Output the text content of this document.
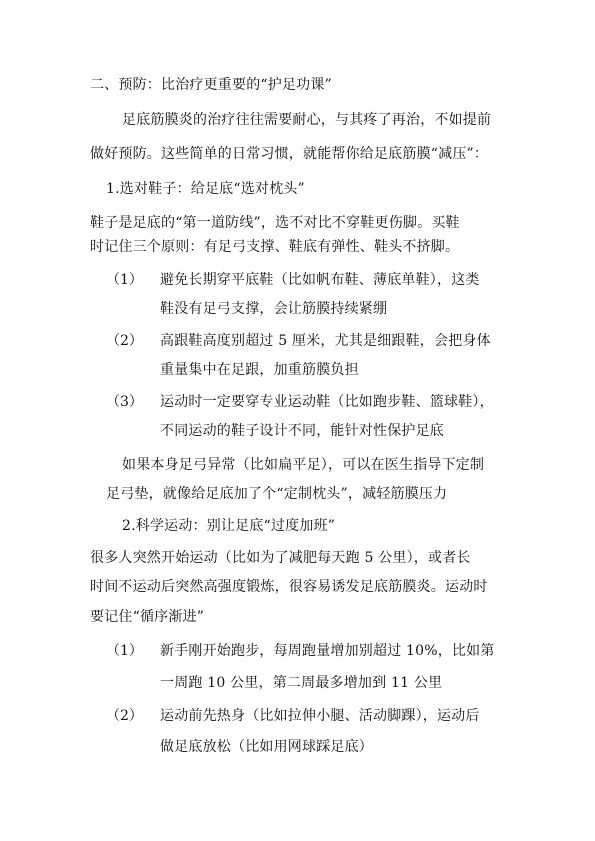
二、预防：比治疗更重要的“护足功课”
足底筋膜炎的治疗往往需要耐心，与其疼了再治，不如提前
做好预防。这些简单的日常习惯，就能帮你给足底筋膜“减压”：
1.选对鞋子：给足底“选对枕头”
鞋子是足底的“第一道防线”，选不对比不穿鞋更伤脚。买鞋
时记住三个原则：有足弓支撑、鞋底有弹性、鞋头不挤脚。
（1） 避免长期穿平底鞋（比如帆布鞋、薄底单鞋），这类
鞋没有足弓支撑，会让筋膜持续紧绷
（2） 高跟鞋高度别超过 5 厘米，尤其是细跟鞋，会把身体
重量集中在足跟，加重筋膜负担
（3） 运动时一定要穿专业运动鞋（比如跑步鞋、篮球鞋），
不同运动的鞋子设计不同，能针对性保护足底
如果本身足弓异常（比如扁平足），可以在医生指导下定制
足弓垫，就像给足底加了个“定制枕头”，减轻筋膜压力
2.科学运动：别让足底“过度加班”
很多人突然开始运动（比如为了减肥每天跑 5 公里），或者长
时间不运动后突然高强度锻炼，很容易诱发足底筋膜炎。运动时
要记住“循序渐进”
（1） 新手刚开始跑步，每周跑量增加别超过 10%，比如第
一周跑 10 公里，第二周最多增加到 11 公里
（2） 运动前先热身（比如拉伸小腿、活动脚踝），运动后
做足底放松（比如用网球踩足底）
